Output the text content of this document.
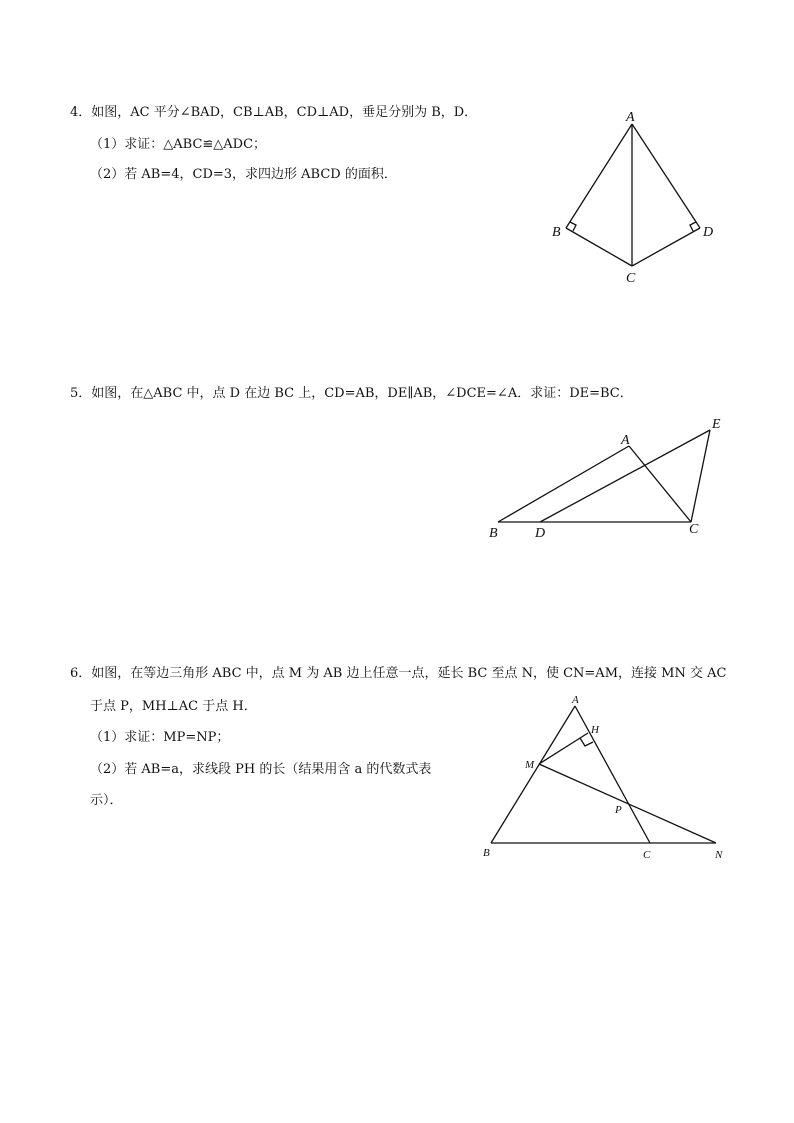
4．如图，AC 平分∠BAD，CB⊥AB，CD⊥AD，垂足分别为 B，D．
（1）求证：△ABC≌△ADC；
（2）若 AB=4，CD=3，求四边形 ABCD 的面积．
5．如图，在△ABC 中，点 D 在边 BC 上，CD=AB，DE∥AB，∠DCE=∠A．求证：DE=BC．
6．如图，在等边三角形 ABC 中，点 M 为 AB 边上任意一点，延长 BC 至点 N，使 CN=AM，连接 MN 交 AC
于点 P，MH⊥AC 于点 H．
（1）求证：MP=NP；
（2）若 AB=a，求线段 PH 的长（结果用含 a 的代数式表
示）．
A
B
C
D
A
B	C
D
E
A
H
M
P
B	C	N
